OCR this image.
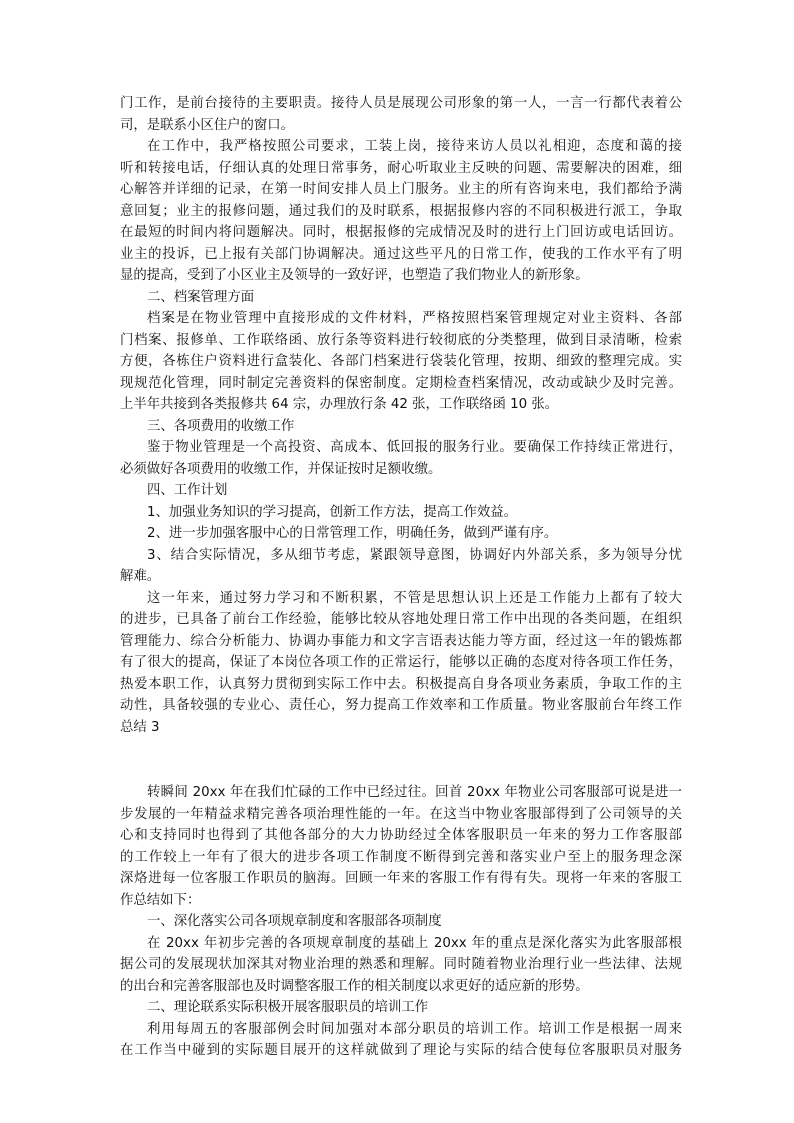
门工作，是前台接待的主要职责。接待人员是展现公司形象的第一人，一言一行都代表着公
司，是联系小区住户的窗口。
在工作中，我严格按照公司要求，工装上岗，接待来访人员以礼相迎，态度和蔼的接
听和转接电话，仔细认真的处理日常事务，耐心听取业主反映的问题、需要解决的困难，细
心解答并详细的记录，在第一时间安排人员上门服务。业主的所有咨询来电，我们都给予满
意回复；业主的报修问题，通过我们的及时联系，根据报修内容的不同积极进行派工，争取
在最短的时间内将问题解决。同时，根据报修的完成情况及时的进行上门回访或电话回访。
业主的投诉，已上报有关部门协调解决。通过这些平凡的日常工作，使我的工作水平有了明
显的提高，受到了小区业主及领导的一致好评，也塑造了我们物业人的新形象。
二、档案管理方面
档案是在物业管理中直接形成的文件材料，严格按照档案管理规定对业主资料、各部
门档案、报修单、工作联络函、放行条等资料进行较彻底的分类整理，做到目录清晰，检索
方便，各栋住户资料进行盒装化、各部门档案进行袋装化管理，按期、细致的整理完成。实
现规范化管理，同时制定完善资料的保密制度。定期检查档案情况，改动或缺少及时完善。
上半年共接到各类报修共 64 宗，办理放行条 42 张，工作联络函 10 张。
三、各项费用的收缴工作
鉴于物业管理是一个高投资、高成本、低回报的服务行业。要确保工作持续正常进行，
必须做好各项费用的收缴工作，并保证按时足额收缴。
四、工作计划
1、加强业务知识的学习提高，创新工作方法，提高工作效益。
2、进一步加强客服中心的日常管理工作，明确任务，做到严谨有序。
3、结合实际情况，多从细节考虑，紧跟领导意图，协调好内外部关系，多为领导分忧
解难。
这一年来，通过努力学习和不断积累，不管是思想认识上还是工作能力上都有了较大
的进步，已具备了前台工作经验，能够比较从容地处理日常工作中出现的各类问题，在组织
管理能力、综合分析能力、协调办事能力和文字言语表达能力等方面，经过这一年的锻炼都
有了很大的提高，保证了本岗位各项工作的正常运行，能够以正确的态度对待各项工作任务，
热爱本职工作，认真努力贯彻到实际工作中去。积极提高自身各项业务素质，争取工作的主
动性，具备较强的专业心、责任心，努力提高工作效率和工作质量。物业客服前台年终工作
总结 3
转瞬间 20xx 年在我们忙碌的工作中已经过往。回首 20xx 年物业公司客服部可说是进一
步发展的一年精益求精完善各项治理性能的一年。在这当中物业客服部得到了公司领导的关
心和支持同时也得到了其他各部分的大力协助经过全体客服职员一年来的努力工作客服部
的工作较上一年有了很大的进步各项工作制度不断得到完善和落实业户至上的服务理念深
深烙进每一位客服工作职员的脑海。回顾一年来的客服工作有得有失。现将一年来的客服工
作总结如下：
一、深化落实公司各项规章制度和客服部各项制度
在 20xx 年初步完善的各项规章制度的基础上 20xx 年的重点是深化落实为此客服部根
据公司的发展现状加深其对物业治理的熟悉和理解。同时随着物业治理行业一些法律、法规
的出台和完善客服部也及时调整客服工作的相关制度以求更好的适应新的形势。
二、理论联系实际积极开展客服职员的培训工作
利用每周五的客服部例会时间加强对本部分职员的培训工作。培训工作是根据一周来
在工作当中碰到的实际题目展开的这样就做到了理论与实际的结合使每位客服职员对服务
